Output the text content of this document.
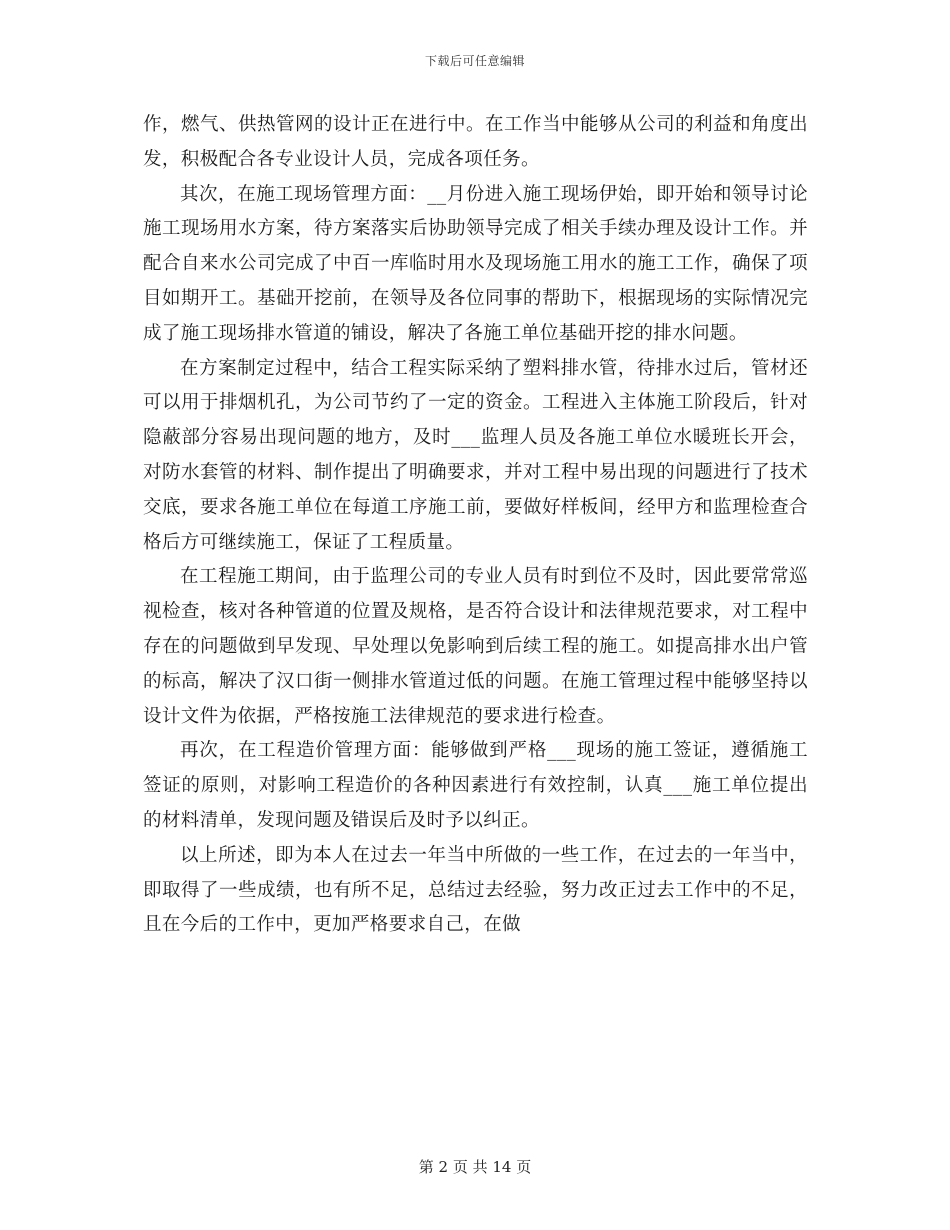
下载后可任意编辑

作，燃气、供热管网的设计正在进行中。在工作当中能够从公司的利益和角度出发，积极配合各专业设计人员，完成各项任务。

其次，在施工现场管理方面：__月份进入施工现场伊始，即开始和领导讨论施工现场用水方案，待方案落实后协助领导完成了相关手续办理及设计工作。并配合自来水公司完成了中百一库临时用水及现场施工用水的施工工作，确保了项目如期开工。基础开挖前，在领导及各位同事的帮助下，根据现场的实际情况完成了施工现场排水管道的铺设，解决了各施工单位基础开挖的排水问题。

在方案制定过程中，结合工程实际采纳了塑料排水管，待排水过后，管材还可以用于排烟机孔，为公司节约了一定的资金。工程进入主体施工阶段后，针对隐蔽部分容易出现问题的地方，及时___监理人员及各施工单位水暖班长开会，对防水套管的材料、制作提出了明确要求，并对工程中易出现的问题进行了技术交底，要求各施工单位在每道工序施工前，要做好样板间，经甲方和监理检查合格后方可继续施工，保证了工程质量。

在工程施工期间，由于监理公司的专业人员有时到位不及时，因此要常常巡视检查，核对各种管道的位置及规格，是否符合设计和法律规范要求，对工程中存在的问题做到早发现、早处理以免影响到后续工程的施工。如提高排水出户管的标高，解决了汉口街一侧排水管道过低的问题。在施工管理过程中能够坚持以设计文件为依据，严格按施工法律规范的要求进行检查。

再次，在工程造价管理方面：能够做到严格___现场的施工签证，遵循施工签证的原则，对影响工程造价的各种因素进行有效控制，认真___施工单位提出的材料清单，发现问题及错误后及时予以纠正。

以上所述，即为本人在过去一年当中所做的一些工作，在过去的一年当中，即取得了一些成绩，也有所不足，总结过去经验，努力改正过去工作中的不足，且在今后的工作中，更加严格要求自己，在做

第 2 页 共 14 页
